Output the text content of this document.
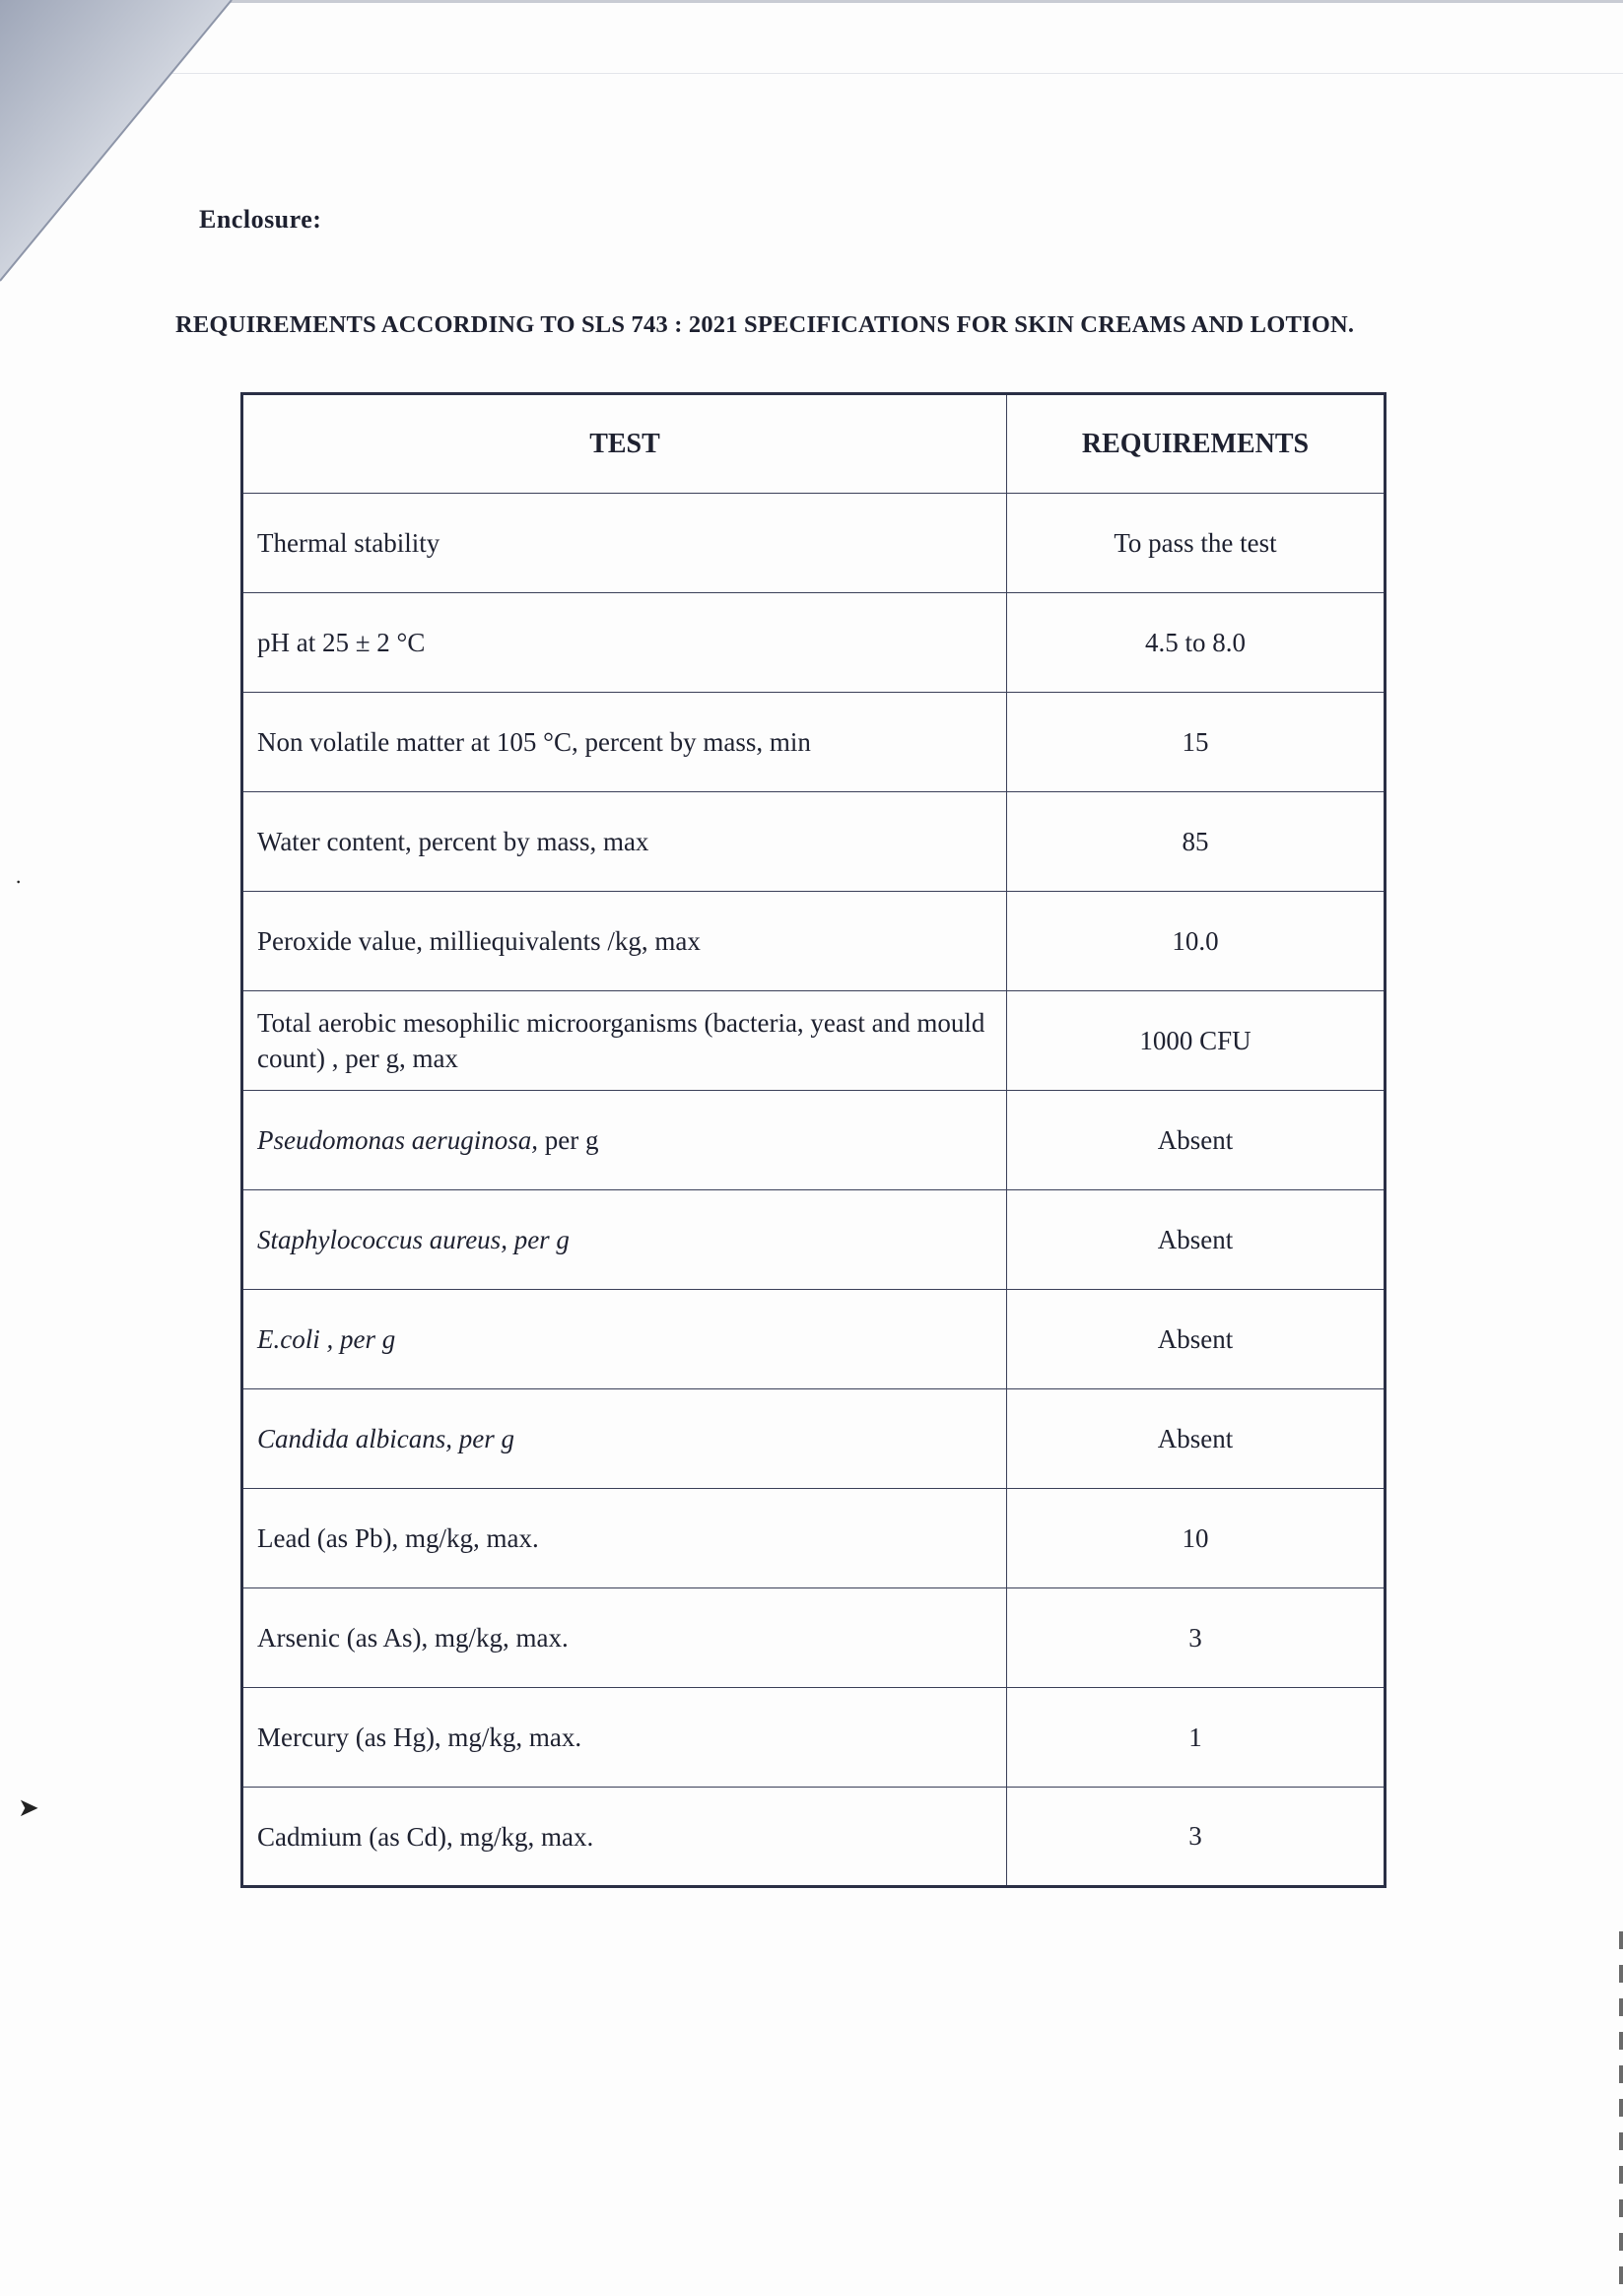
⸱
➤
Enclosure:
REQUIREMENTS ACCORDING TO SLS 743 : 2021 SPECIFICATIONS FOR SKIN CREAMS AND LOTION.
TEST	REQUIREMENTS
Thermal stability	To pass the test
pH at 25 ± 2 °C	4.5 to 8.0
Non volatile matter at 105 °C, percent by mass, min	15
Water content, percent by mass, max	85
Peroxide value, milliequivalents /kg, max	10.0
Total aerobic mesophilic microorganisms (bacteria, yeast and mould count) , per g, max	1000 CFU
Pseudomonas aeruginosa, per g	Absent
Staphylococcus aureus, per g	Absent
E.coli , per g	Absent
Candida albicans, per g	Absent
Lead (as Pb), mg/kg, max.	10
Arsenic (as As), mg/kg, max.	3
Mercury (as Hg), mg/kg, max.	1
Cadmium (as Cd), mg/kg, max.	3
